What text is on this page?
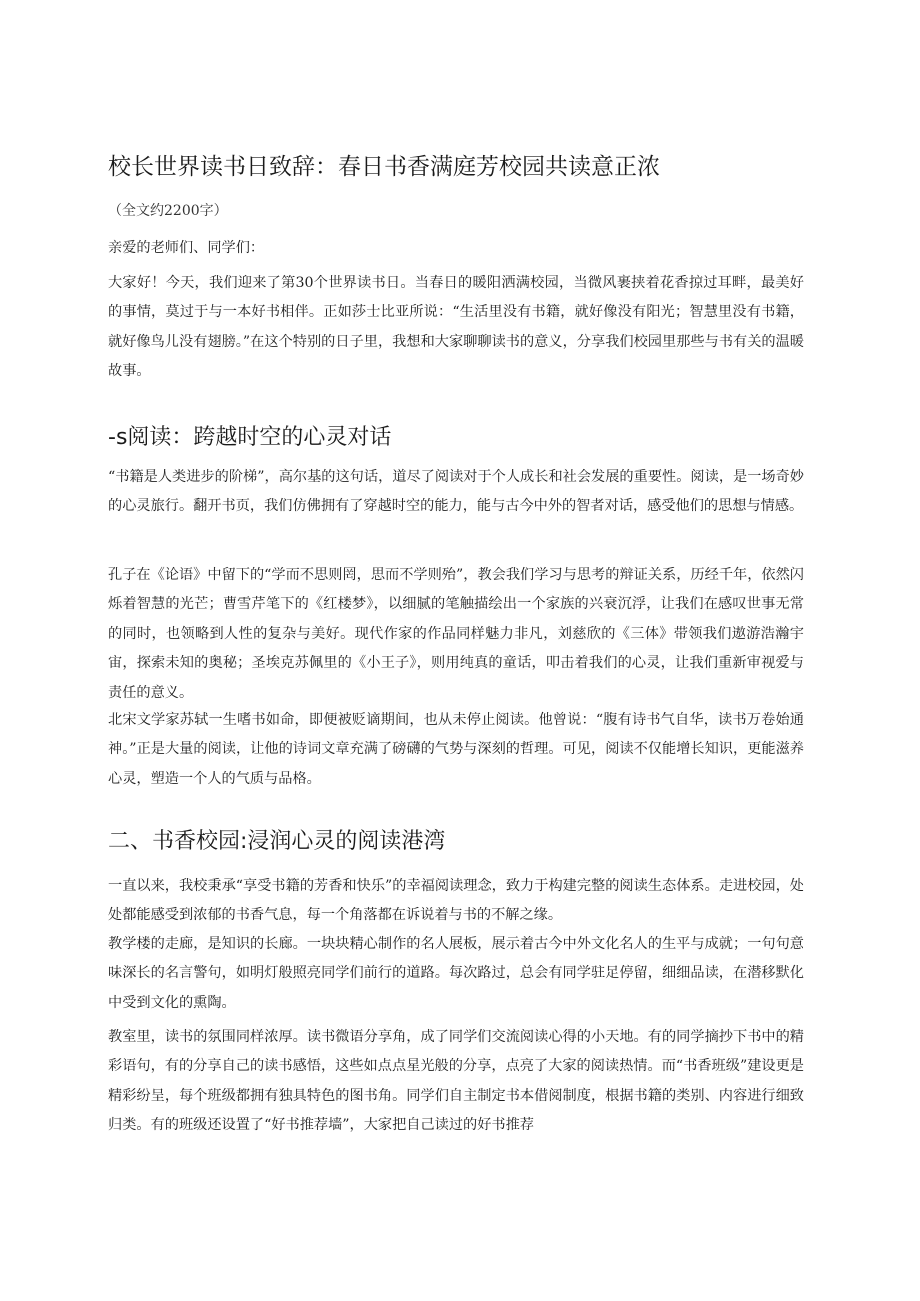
校长世界读书日致辞：春日书香满庭芳校园共读意正浓
（全文约2200字）

亲爱的老师们、同学们：

大家好！今天，我们迎来了第30个世界读书日。当春日的暖阳洒满校园，当微风裹挟着花香掠过耳畔，最美好的事情，莫过于与一本好书相伴。正如莎士比亚所说：“生活里没有书籍，就好像没有阳光；智慧里没有书籍，就好像鸟儿没有翅膀。”在这个特别的日子里，我想和大家聊聊读书的意义，分享我们校园里那些与书有关的温暖故事。

-s阅读：跨越时空的心灵对话

“书籍是人类进步的阶梯”，高尔基的这句话，道尽了阅读对于个人成长和社会发展的重要性。阅读，是一场奇妙的心灵旅行。翻开书页，我们仿佛拥有了穿越时空的能力，能与古今中外的智者对话，感受他们的思想与情感。

孔子在《论语》中留下的“学而不思则罔，思而不学则殆”，教会我们学习与思考的辩证关系，历经千年，依然闪烁着智慧的光芒；曹雪芹笔下的《红楼梦》，以细腻的笔触描绘出一个家族的兴衰沉浮，让我们在感叹世事无常的同时，也领略到人性的复杂与美好。现代作家的作品同样魅力非凡，刘慈欣的《三体》带领我们遨游浩瀚宇宙，探索未知的奥秘；圣埃克苏佩里的《小王子》，则用纯真的童话，叩击着我们的心灵，让我们重新审视爱与责任的意义。

北宋文学家苏轼一生嗜书如命，即便被贬谪期间，也从未停止阅读。他曾说：“腹有诗书气自华，读书万卷始通神。”正是大量的阅读，让他的诗词文章充满了磅礴的气势与深刻的哲理。可见，阅读不仅能增长知识，更能滋养心灵，塑造一个人的气质与品格。

二、书香校园:浸润心灵的阅读港湾

一直以来，我校秉承“享受书籍的芳香和快乐”的幸福阅读理念，致力于构建完整的阅读生态体系。走进校园，处处都能感受到浓郁的书香气息，每一个角落都在诉说着与书的不解之缘。

教学楼的走廊，是知识的长廊。一块块精心制作的名人展板，展示着古今中外文化名人的生平与成就；一句句意味深长的名言警句，如明灯般照亮同学们前行的道路。每次路过，总会有同学驻足停留，细细品读，在潜移默化中受到文化的熏陶。

教室里，读书的氛围同样浓厚。读书微语分享角，成了同学们交流阅读心得的小天地。有的同学摘抄下书中的精彩语句，有的分享自己的读书感悟，这些如点点星光般的分享，点亮了大家的阅读热情。而“书香班级”建设更是精彩纷呈，每个班级都拥有独具特色的图书角。同学们自主制定书本借阅制度，根据书籍的类别、内容进行细致归类。有的班级还设置了“好书推荐墙”，大家把自己读过的好书推荐
